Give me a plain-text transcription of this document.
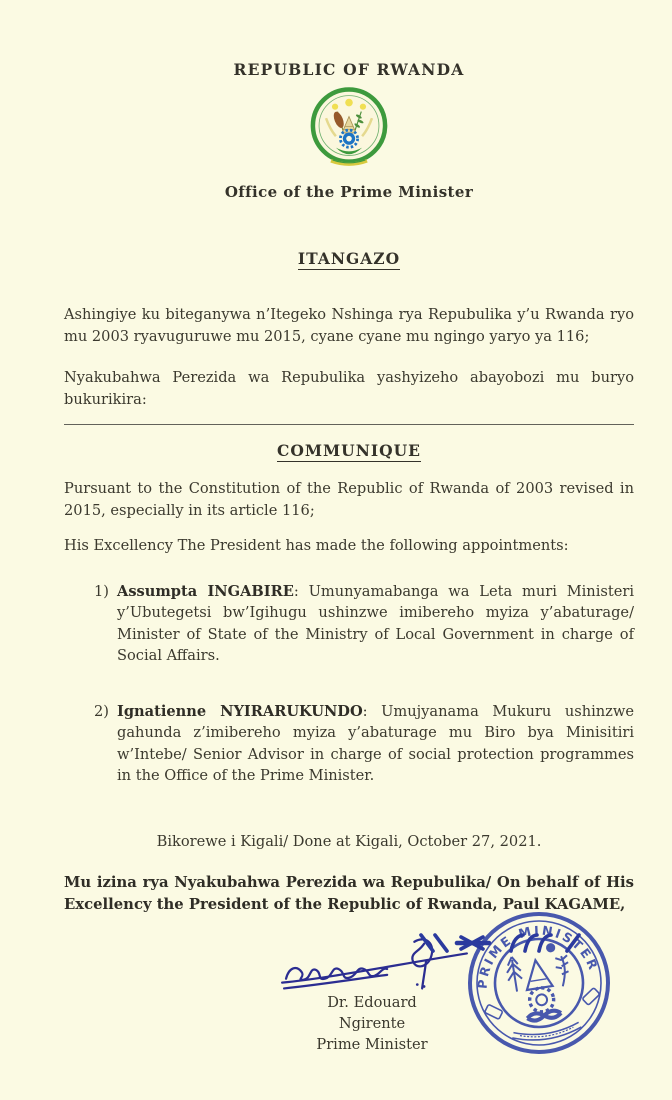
REPUBLIC OF RWANDA
Office of the Prime Minister
ITANGAZO

Ashingiye ku biteganywa n’Itegeko Nshinga rya Repubulika y’u Rwanda ryo mu 2003 ryavuguruwe mu 2015, cyane cyane mu ngingo yaryo ya 116;

Nyakubahwa Perezida wa Repubulika yashyizeho abayobozi mu buryo bukurikira:

COMMUNIQUE

Pursuant to the Constitution of the Republic of Rwanda of 2003 revised in 2015, especially in its article 116;

His Excellency The President has made the following appointments:

1) Assumpta INGABIRE: Umunyamabanga wa Leta muri Ministeri y’Ubutegetsi bw’Igihugu ushinzwe imibereho myiza y’abaturage/ Minister of State of the Ministry of Local Government in charge of Social Affairs.
2) Ignatienne NYIRARUKUNDO: Umujyanama Mukuru ushinzwe gahunda z’imibereho myiza y’abaturage mu Biro bya Minisitiri w’Intebe/ Senior Advisor in charge of social protection programmes in the Office of the Prime Minister.

Bikorewe i Kigali/ Done at Kigali, October 27, 2021.

Mu izina rya Nyakubahwa Perezida wa Repubulika/ On behalf of His Excellency the President of the Republic of Rwanda, Paul KAGAME,

Dr. Edouard Ngirente
Prime Minister
PRIME MINISTER
